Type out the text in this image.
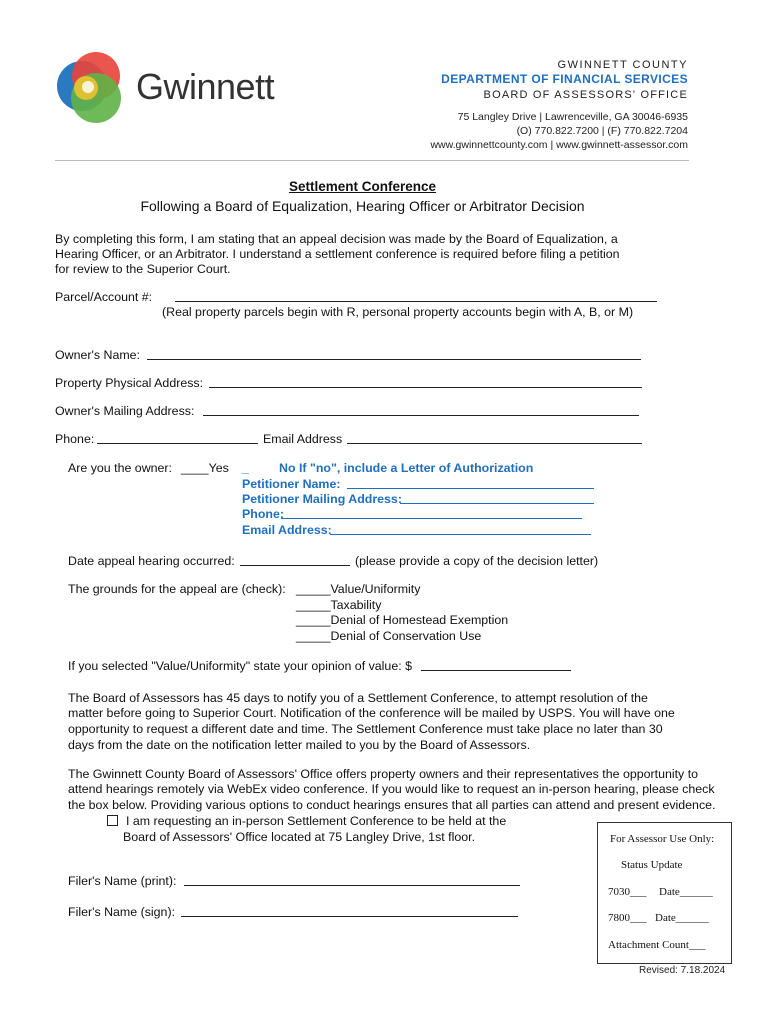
Gwinnett
GWINNETT COUNTY
DEPARTMENT OF FINANCIAL SERVICES
BOARD OF ASSESSORS' OFFICE
75 Langley Drive | Lawrenceville, GA 30046-6935
(O) 770.822.7200 | (F) 770.822.7204
www.gwinnettcounty.com | www.gwinnett-assessor.com
Settlement Conference
Following a Board of Equalization, Hearing Officer or Arbitrator Decision
By completing this form, I am stating that an appeal decision was made by the Board of Equalization, a
Hearing Officer, or an Arbitrator. I understand a settlement conference is required before filing a petition
for review to the Superior Court.
Parcel/Account #:
(Real property parcels begin with R, personal property accounts begin with A, B, or M)
Owner's Name:
Property Physical Address:
Owner's Mailing Address:
Phone:	Email Address
Are you the owner: ____Yes _ No If "no", include a Letter of Authorization
Petitioner Name:
Petitioner Mailing Address:
Phone:
Email Address:
Date appeal hearing occurred:	(please provide a copy of the decision letter)
The grounds for the appeal are (check): _____Value/Uniformity
_____Taxability
_____Denial of Homestead Exemption
_____Denial of Conservation Use
If you selected "Value/Uniformity" state your opinion of value: $
The Board of Assessors has 45 days to notify you of a Settlement Conference, to attempt resolution of the
matter before going to Superior Court. Notification of the conference will be mailed by USPS. You will have one
opportunity to request a different date and time. The Settlement Conference must take place no later than 30
days from the date on the notification letter mailed to you by the Board of Assessors.
The Gwinnett County Board of Assessors' Office offers property owners and their representatives the opportunity to
attend hearings remotely via WebEx video conference. If you would like to request an in-person hearing, please check
the box below. Providing various options to conduct hearings ensures that all parties can attend and present evidence.
I am requesting an in-person Settlement Conference to be held at the
Board of Assessors' Office located at 75 Langley Drive, 1st floor.
Filer's Name (print):
Filer's Name (sign):
For Assessor Use Only:
Status Update
7030___ Date______
7800___ Date______
Attachment Count___
Revised: 7.18.2024
